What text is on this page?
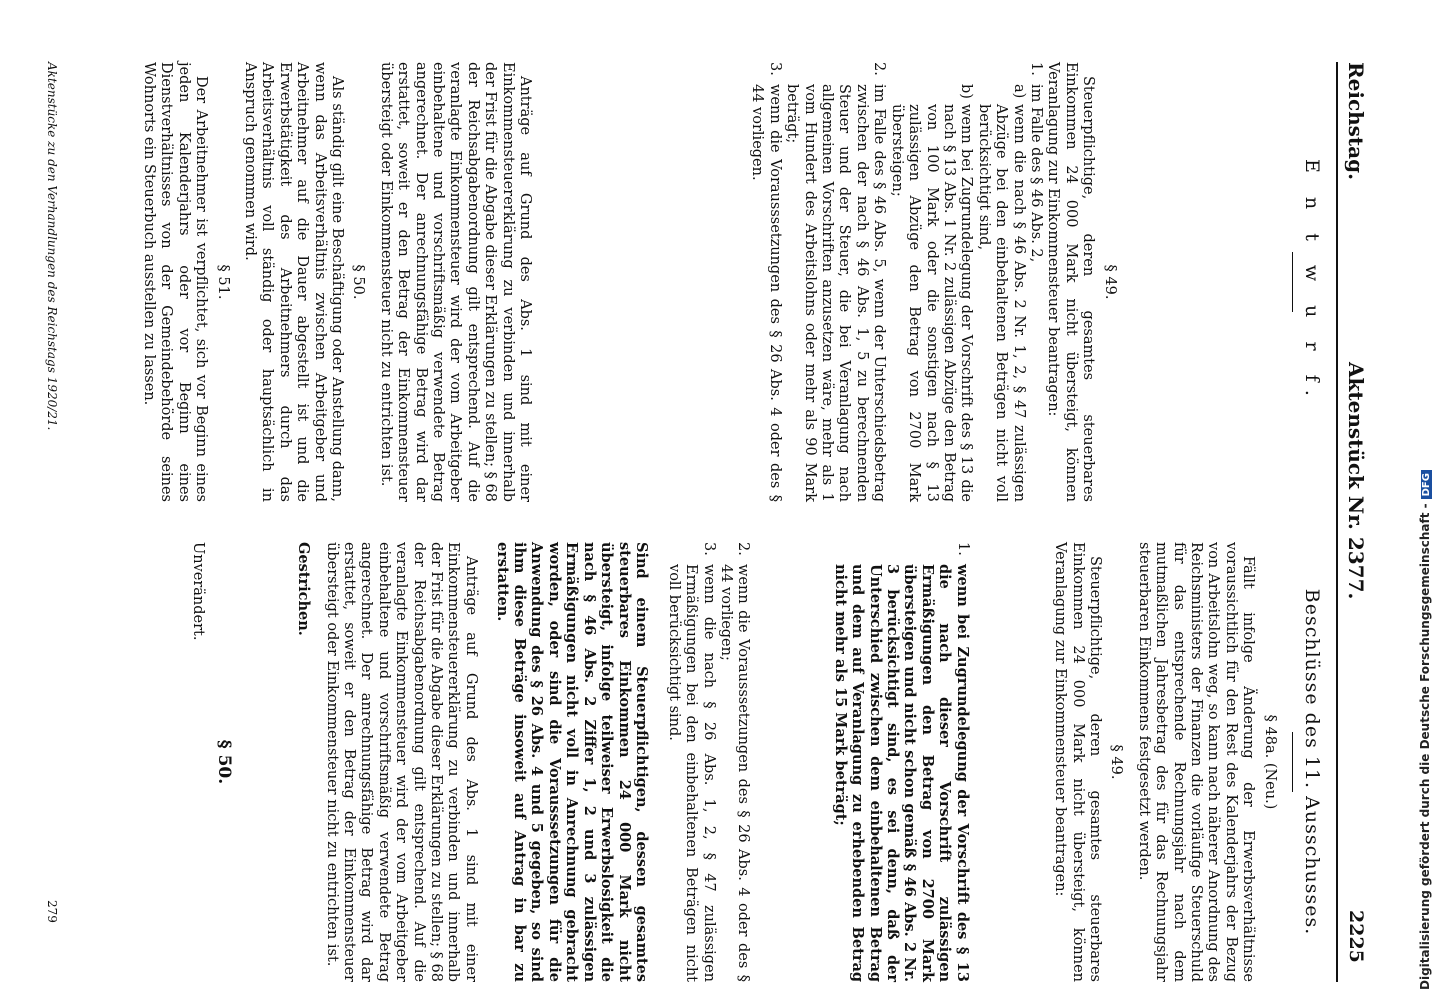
Reichstag.
Aktenstück Nr. 2377.
2225
E n t w u r f.
§ 49.

Steuerpflichtige, deren gesamtes steuerbares Einkommen 24 000 Mark nicht übersteigt, können Veranlagung zur Einkommensteuer beantragen:

1.
im Falle des § 46 Abs. 2,
a)
wenn die nach § 46 Abs. 2 Nr. 1, 2, § 47 zulässigen Abzüge bei den einbehaltenen Beträgen nicht voll berücksichtigt sind,
b)
wenn bei Zugrundelegung der Vorschrift des § 13 die nach § 13 Abs. 1 Nr. 2 zulässigen Abzüge den Betrag von 100 Mark oder die sonstigen nach § 13 zulässigen Abzüge den Betrag von 2700 Mark übersteigen;
2.
im Falle des § 46 Abs. 5, wenn der Unterschiedsbetrag zwischen der nach § 46 Abs. 1, 5 zu berechnenden Steuer und der Steuer, die bei Veranlagung nach allgemeinen Vorschriften anzusetzen wäre, mehr als 1 vom Hundert des Arbeitslohns oder mehr als 90 Mark beträgt;
3.
wenn die Vorausssetzungen des § 26 Abs. 4 oder des § 44 vorliegen.

Anträge auf Grund des Abs. 1 sind mit einer Einkommensteuererklärung zu verbinden und innerhalb der Frist für die Abgabe dieser Erklärungen zu stellen; § 68 der Reichsabgabenordnung gilt entsprechend. Auf die veranlagte Einkommensteuer wird der vom Arbeitgeber einbehaltene und vorschriftsmäßig verwendete Betrag angerechnet. Der anrechnungsfähige Betrag wird dar erstattet, soweit er den Betrag der Einkommensteuer übersteigt oder Einkommensteuer nicht zu entrichten ist.

§ 50.

Als ständig gilt eine Beschäftigung oder Anstellung dann, wenn das Arbeitsverhältnis zwischen Arbeitgeber und Arbeitnehmer auf die Dauer abgestellt ist und die Erwerbstätigkeit des Arbeitnehmers durch das Arbeitsverhältnis voll ständig oder hauptsächlich in Anspruch genommen wird.

§ 51.

Der Arbeitnehmer ist verpflichtet, sich vor Beginn eines jeden Kalenderjahrs oder vor Beginn eines Dienstverhältnisses von der Gemeindebehörde seines Wohnorts ein Steuerbuch ausstellen zu lassen.

Beschlüsse des 11. Ausschusses.
§ 48a. (Neu.)

Fällt infolge Änderung der Erwerbsverhältnisse voraussichtlich für den Rest des Kalenderjahrs der Bezug von Arbeitslohn weg, so kann nach näherer Anordnung des Reichsministers der Finanzen die vorläufige Steuerschuld für das entsprechende Rechnungsjahr nach dem mutmaßlichen Jahresbetrag des für das Rechnungsjahr steuerbaren Einkommens festgesetzt werden.

§ 49.

Steuerpflichtige, deren gesamtes steuerbares Einkommen 24 000 Mark nicht übersteigt, können Veranlagung zur Einkommensteuer beantragen:

1.
wenn bei Zugrundelegung der Vorschrift des § 13 die nach dieser Vorschrift zulässigen Ermäßigungen den Betrag von 2700 Mark übersteigen und nicht schon gemäß § 46 Abs. 2 Nr. 3 berücksichtigt sind, es sei denn, daß der Unterschied zwischen dem einbehaltenen Betrag und dem auf Veranlagung zu erhebenden Betrag nicht mehr als 15 Mark beträgt;
2.
wenn die Vorausssetzungen des § 26 Abs. 4 oder des § 44 vorliegen;
3.
wenn die nach § 26 Abs. 1, 2, § 47 zulässigen Ermäßigungen bei den einbehaltenen Beträgen nicht voll berücksichtigt sind.

Sind einem Steuerpflichtigen, dessen gesamtes steuerbares Einkommen 24 000 Mark nicht übersteigt, infolge teilweiser Erwerbslosigkeit die nach § 46 Abs. 2 Ziffer 1, 2 und 3 zulässigen Ermäßigungen nicht voll in Anrechnung gebracht worden, oder sind die Vorausssetzungen für die Anwendung des § 26 Abs. 4 und 5 gegeben, so sind ihm diese Beträge insoweit auf Antrag in bar zu erstatten.

Anträge auf Grund des Abs. 1 sind mit einer Einkommensteuererklärung zu verbinden und innerhalb der Frist für die Abgabe dieser Erklärungen zu stellen; § 68 der Reichsabgabenordnung gilt entsprechend. Auf die veranlagte Einkommensteuer wird der vom Arbeitgeber einbehaltene und vorschriftsmäßig verwendete Betrag angerechnet. Der anrechnungsfähige Betrag wird dar erstattet, soweit er den Betrag der Einkommensteuer übersteigt oder Einkommensteuer nicht zu entrichten ist.

Gestrichen.
§ 50.
Unverändert.
Aktenstücke zu den Verhandlungen des Reichstags 1920/21.
279	Digitalisierung gefördert durch die Deutsche Forschungsgemeinschaft -DFG
